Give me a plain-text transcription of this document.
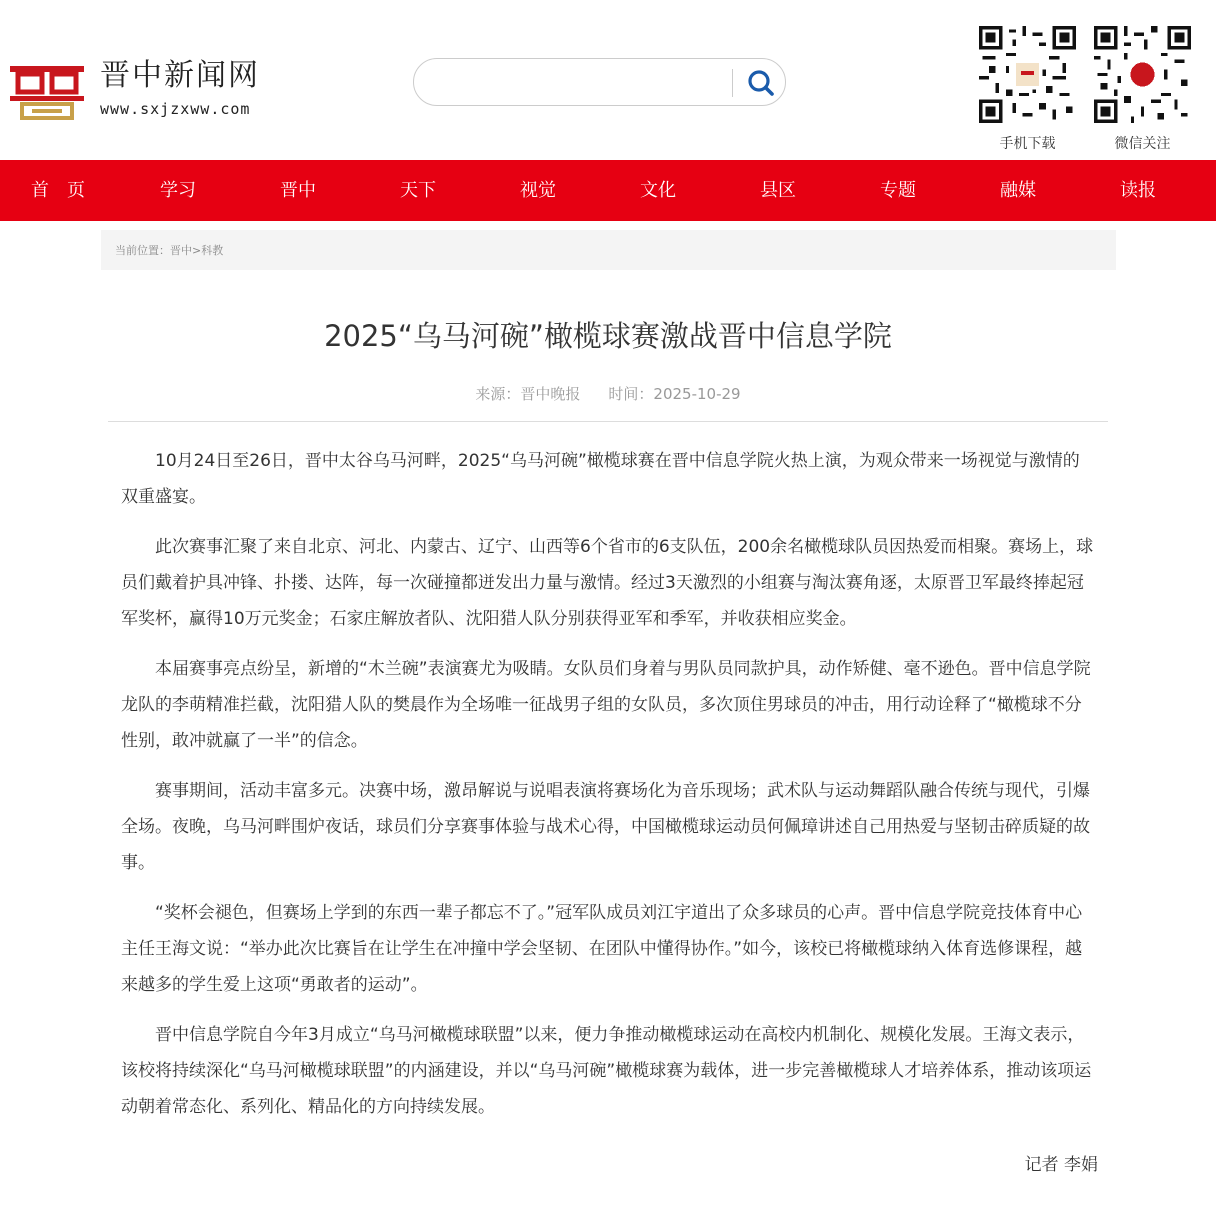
晋中新闻网
www.sxjzxww.com
手机下载	微信关注
首　页	学习	晋中	天下	视觉	文化	县区	专题	融媒	读报
当前位置：晋中>科教
2025“乌马河碗”橄榄球赛激战晋中信息学院
来源：晋中晚报 时间：2025-10-29

10月24日至26日，晋中太谷乌马河畔，2025“乌马河碗”橄榄球赛在晋中信息学院火热上演，为观众带来一场视觉与激情的双重盛宴。

此次赛事汇聚了来自北京、河北、内蒙古、辽宁、山西等6个省市的6支队伍，200余名橄榄球队员因热爱而相聚。赛场上，球员们戴着护具冲锋、扑搂、达阵，每一次碰撞都迸发出力量与激情。经过3天激烈的小组赛与淘汰赛角逐，太原晋卫军最终捧起冠军奖杯，赢得10万元奖金；石家庄解放者队、沈阳猎人队分别获得亚军和季军，并收获相应奖金。

本届赛事亮点纷呈，新增的“木兰碗”表演赛尤为吸睛。女队员们身着与男队员同款护具，动作矫健、毫不逊色。晋中信息学院龙队的李萌精准拦截，沈阳猎人队的樊晨作为全场唯一征战男子组的女队员，多次顶住男球员的冲击，用行动诠释了“橄榄球不分性别，敢冲就赢了一半”的信念。

赛事期间，活动丰富多元。决赛中场，激昂解说与说唱表演将赛场化为音乐现场；武术队与运动舞蹈队融合传统与现代，引爆全场。夜晚，乌马河畔围炉夜话，球员们分享赛事体验与战术心得，中国橄榄球运动员何佩璋讲述自己用热爱与坚韧击碎质疑的故事。

“奖杯会褪色，但赛场上学到的东西一辈子都忘不了。”冠军队成员刘江宇道出了众多球员的心声。晋中信息学院竞技体育中心主任王海文说：“举办此次比赛旨在让学生在冲撞中学会坚韧、在团队中懂得协作。”如今，该校已将橄榄球纳入体育选修课程，越来越多的学生爱上这项“勇敢者的运动”。

晋中信息学院自今年3月成立“乌马河橄榄球联盟”以来，便力争推动橄榄球运动在高校内机制化、规模化发展。王海文表示，该校将持续深化“乌马河橄榄球联盟”的内涵建设，并以“乌马河碗”橄榄球赛为载体，进一步完善橄榄球人才培养体系，推动该项运动朝着常态化、系列化、精品化的方向持续发展。

记者 李娟
